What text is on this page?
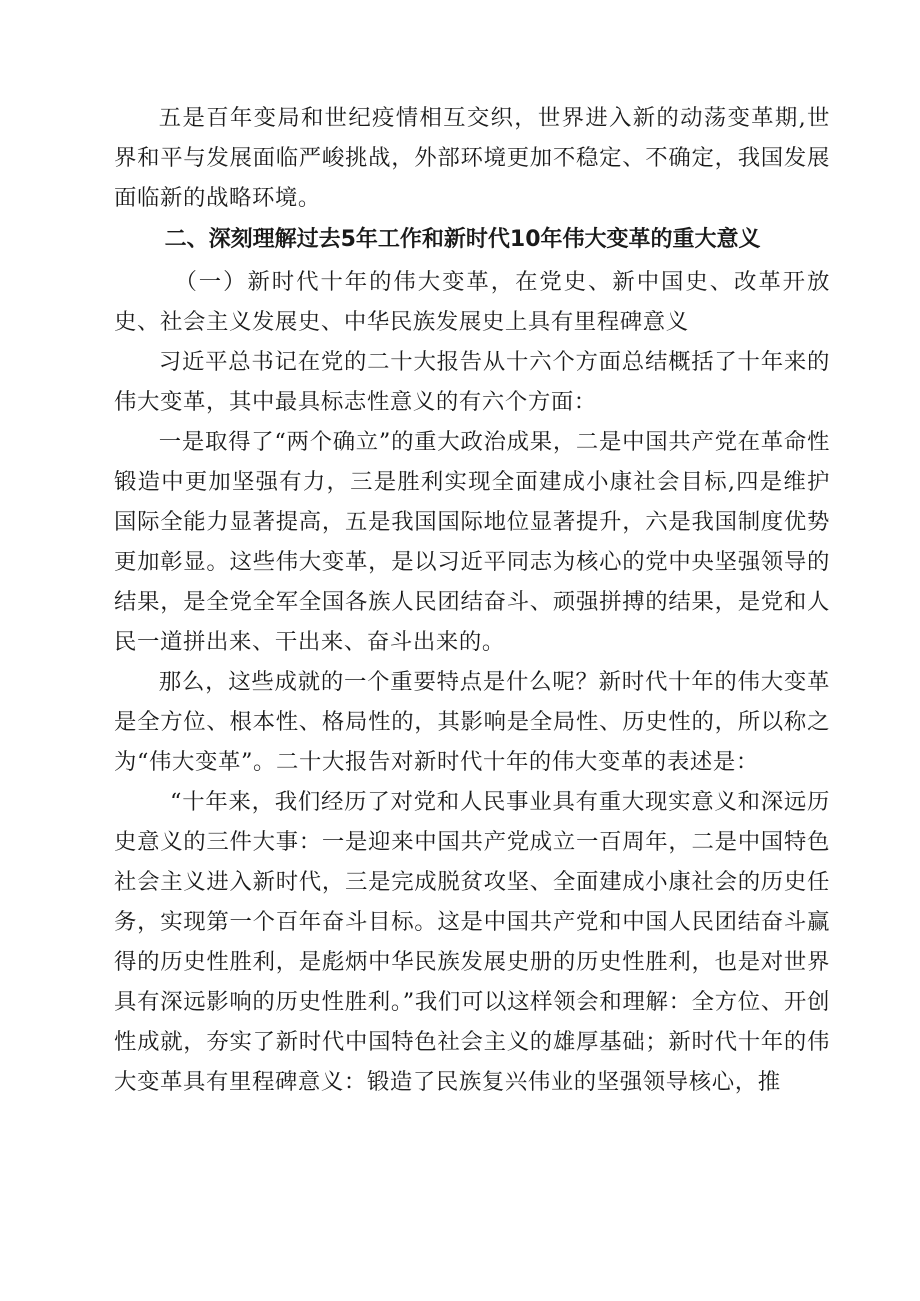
五是百年变局和世纪疫情相互交织，世界进入新的动荡变革期,世界和平与发展面临严峻挑战，外部环境更加不稳定、不确定，我国发展面临新的战略环境。

二、深刻理解过去5年工作和新时代10年伟大变革的重大意义

（一）新时代十年的伟大变革，在党史、新中国史、改革开放史、社会主义发展史、中华民族发展史上具有里程碑意义

习近平总书记在党的二十大报告从十六个方面总结概括了十年来的伟大变革，其中最具标志性意义的有六个方面：

一是取得了“两个确立”的重大政治成果，二是中国共产党在革命性锻造中更加坚强有力，三是胜利实现全面建成小康社会目标,四是维护国际全能力显著提高，五是我国国际地位显著提升，六是我国制度优势更加彰显。这些伟大变革，是以习近平同志为核心的党中央坚强领导的结果，是全党全军全国各族人民团结奋斗、顽强拼搏的结果，是党和人民一道拼出来、干出来、奋斗出来的。

那么，这些成就的一个重要特点是什么呢？新时代十年的伟大变革是全方位、根本性、格局性的，其影响是全局性、历史性的，所以称之为“伟大变革”。二十大报告对新时代十年的伟大变革的表述是：

“十年来，我们经历了对党和人民事业具有重大现实意义和深远历史意义的三件大事：一是迎来中国共产党成立一百周年，二是中国特色社会主义进入新时代，三是完成脱贫攻坚、全面建成小康社会的历史任务，实现第一个百年奋斗目标。这是中国共产党和中国人民团结奋斗赢得的历史性胜利，是彪炳中华民族发展史册的历史性胜利，也是对世界具有深远影响的历史性胜利。”我们可以这样领会和理解：全方位、开创性成就，夯实了新时代中国特色社会主义的雄厚基础；新时代十年的伟大变革具有里程碑意义：锻造了民族复兴伟业的坚强领导核心，推
